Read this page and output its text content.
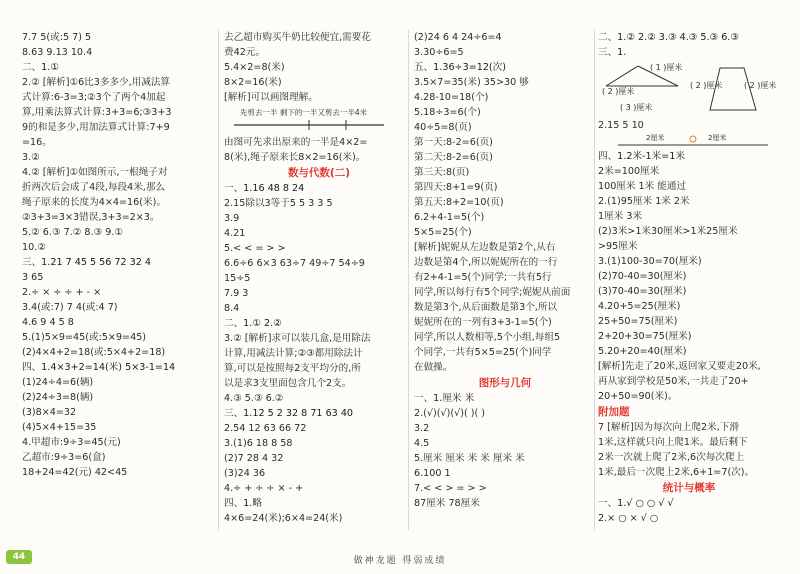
7.7 5(或:5 7) 5
8.63 9.13 10.4
二、1.①
2.② [解析]①6比3多多少,用减法算
式计算:6-3=3;②3个了两个4加起
算,用乘法算式计算:3+3=6;③3+3
9的和是多少,用加法算式计算:7+9
=16。
3.②
4.② [解析]①如图所示,一根绳子对
折两次后会成了4段,每段4米,那么
绳子原来的长度为4×4=16(米)。
②3+3=3×3错误,3+3=2×3。
5.② 6.③ 7.② 8.③ 9.①
10.②
三、1.21 7 45 5 56 72 32 4
3 65
2.÷ × ÷ ÷ + - ×
3.4(或:7) 7 4(或:4 7)
4.6 9 4 5 8
5.(1)5×9=45(或:5×9=45)
(2)4×4+2=18(或:5×4+2=18)
四、1.4×3+2=14(米) 5×3-1=14
(1)24÷4=6(辆)
(2)24÷3=8(辆)
(3)8×4=32
(4)5×4+15=35
4.甲超市:9÷3=45(元)
乙超市:9÷3=6(盒)
18+24=42(元) 42<45
去乙超市购买牛奶比较便宜,需要花
费42元。
5.4×2=8(米)
8×2=16(米)
[解析]可以画图理解。
先剪去一半 剩下的一半又剪去一半4米
由图可先求出原来的一半是4×2=
8(米),绳子原来长8×2=16(米)。
数与代数(二)
一、1.16 48 8 24
2.15除以3等于5 5 3 3 5
3.9
4.21
5.< < = > >
6.6÷6 6×3 63÷7 49÷7 54÷9
15÷5
7.9 3
8.4
二、1.① 2.②
3.② [解析]求可以装几盒,是用除法
计算,用减法计算;②③都用除法计
算,可以是按照每2支平均分的,所
以是求3支里面包含几个2支。
4.③ 5.③ 6.②
三、1.12 5 2 32 8 71 63 40
2.54 12 63 66 72
3.(1)6 18 8 58
(2)7 28 4 32
(3)24 36
4.÷ + ÷ ÷ × - +
四、1.略
4×6=24(米);6×4=24(米)
(2)24 6 4 24÷6=4
3.30÷6=5
五、1.36÷3=12(次)
3.5×7=35(米) 35>30 够
4.28-10=18(个)
5.18÷3=6(个)
40÷5=8(页)
第一天:8-2=6(页)
第二天:8-2=6(页)
第三天:8(页)
第四天:8+1=9(页)
第五天:8+2=10(页)
6.2+4-1=5(个)
5×5=25(个)
[解析]妮妮从左边数是第2个,从右
边数是第4个,所以妮妮所在的一行
有2+4-1=5(个)同学;一共有5行
同学,所以每行有5个同学;妮妮从前面
数是第3个,从后面数是第3个,所以
妮妮所在的一列有3+3-1=5(个)
同学,所以人数相等,5个小组,每组5
个同学,一共有5×5=25(个)同学
在做操。
图形与几何
一、1.厘米 米
2.(√)(√)(√)( )( )
3.2
4.5
5.厘米 厘米 米 米 厘米 米
6.100 1
7.< < > = > >
87厘米 78厘米
二、1.② 2.② 3.③ 4.③ 5.③ 6.③
三、1.
( 2 )厘米
( 1 )厘米
( 3 )厘米
( 2 )厘米	( 2 )厘米
2.15 5 10
2厘米	2厘米
四、1.2米-1米=1米
2米=100厘米
100厘米 1米 能通过
2.(1)95厘米 1米 2米
1厘米 3米
(2)3米>1米30厘米>1米25厘米
>95厘米
3.(1)100-30=70(厘米)
(2)70-40=30(厘米)
(3)70-40=30(厘米)
4.20+5=25(厘米)
25+50=75(厘米)
2+20+30=75(厘米)
5.20+20=40(厘米)
[解析]先走了20米,返回家又要走20米,
再从家到学校是50米,一共走了20+
20+50=90(米)。
附加题
7 [解析]因为每次向上爬2米,下滑
1米,这样就只向上爬1米。最后剩下
2米一次就上爬了2米,6次每次爬上
1米,最后一次爬上2米,6+1=7(次)。
统计与概率
一、1.√ ○ ○ √ √
2.× ○ × √ ○
44	做神龙题 得弱成绩
